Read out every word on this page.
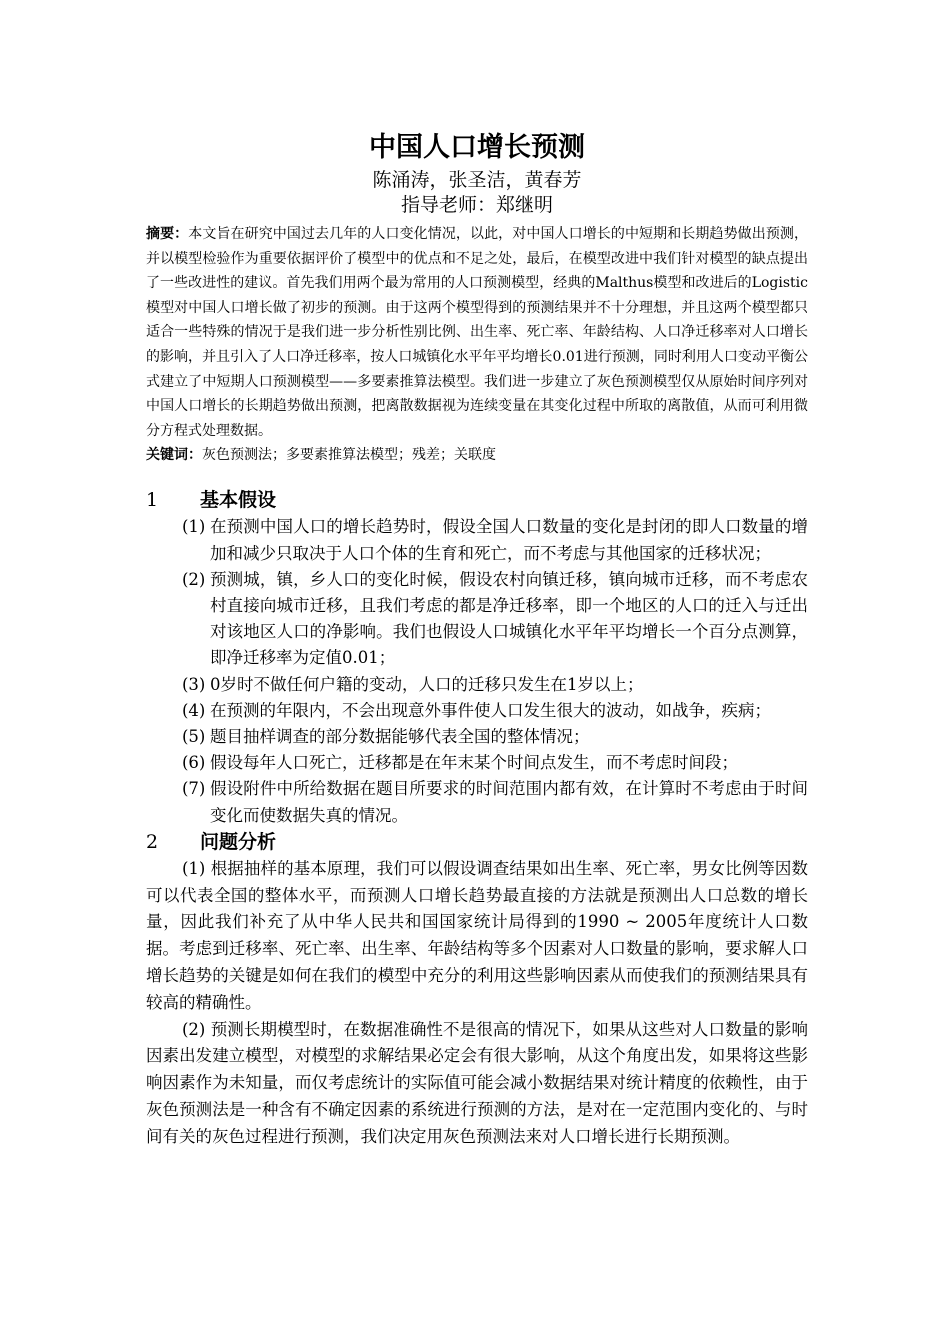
中国人口增长预测

陈涌涛，张圣洁，黄春芳

指导老师：郑继明

摘要：本文旨在研究中国过去几年的人口变化情况，以此，对中国人口增长的中短期和长期趋势做出预测，并以模型检验作为重要依据评价了模型中的优点和不足之处，最后，在模型改进中我们针对模型的缺点提出了一些改进性的建议。首先我们用两个最为常用的人口预测模型，经典的Malthus模型和改进后的Logistic模型对中国人口增长做了初步的预测。由于这两个模型得到的预测结果并不十分理想，并且这两个模型都只适合一些特殊的情况于是我们进一步分析性别比例、出生率、死亡率、年龄结构、人口净迁移率对人口增长的影响，并且引入了人口净迁移率，按人口城镇化水平年平均增长0.01进行预测，同时利用人口变动平衡公式建立了中短期人口预测模型——多要素推算法模型。我们进一步建立了灰色预测模型仅从原始时间序列对中国人口增长的长期趋势做出预测，把离散数据视为连续变量在其变化过程中所取的离散值，从而可利用微分方程式处理数据。

关键词：灰色预测法；多要素推算法模型；残差；关联度

1	基本假设
(1) 在预测中国人口的增长趋势时，假设全国人口数量的变化是封闭的即人口数量的增加和减少只取决于人口个体的生育和死亡，而不考虑与其他国家的迁移状况；
(2) 预测城，镇，乡人口的变化时候，假设农村向镇迁移，镇向城市迁移，而不考虑农村直接向城市迁移，且我们考虑的都是净迁移率，即一个地区的人口的迁入与迁出对该地区人口的净影响。我们也假设人口城镇化水平年平均增长一个百分点测算，即净迁移率为定值0.01；
(3) 0岁时不做任何户籍的变动，人口的迁移只发生在1岁以上；
(4) 在预测的年限内，不会出现意外事件使人口发生很大的波动，如战争，疾病；
(5) 题目抽样调查的部分数据能够代表全国的整体情况；
(6) 假设每年人口死亡，迁移都是在年末某个时间点发生，而不考虑时间段；
(7) 假设附件中所给数据在题目所要求的时间范围内都有效，在计算时不考虑由于时间变化而使数据失真的情况。
2	问题分析

(1) 根据抽样的基本原理，我们可以假设调查结果如出生率、死亡率，男女比例等因数可以代表全国的整体水平，而预测人口增长趋势最直接的方法就是预测出人口总数的增长量，因此我们补充了从中华人民共和国国家统计局得到的1990 ~ 2005年度统计人口数据。考虑到迁移率、死亡率、出生率、年龄结构等多个因素对人口数量的影响，要求解人口增长趋势的关键是如何在我们的模型中充分的利用这些影响因素从而使我们的预测结果具有较高的精确性。

(2) 预测长期模型时，在数据准确性不是很高的情况下，如果从这些对人口数量的影响因素出发建立模型，对模型的求解结果必定会有很大影响，从这个角度出发，如果将这些影响因素作为未知量，而仅考虑统计的实际值可能会减小数据结果对统计精度的依赖性，由于灰色预测法是一种含有不确定因素的系统进行预测的方法，是对在一定范围内变化的、与时间有关的灰色过程进行预测，我们决定用灰色预测法来对人口增长进行长期预测。
